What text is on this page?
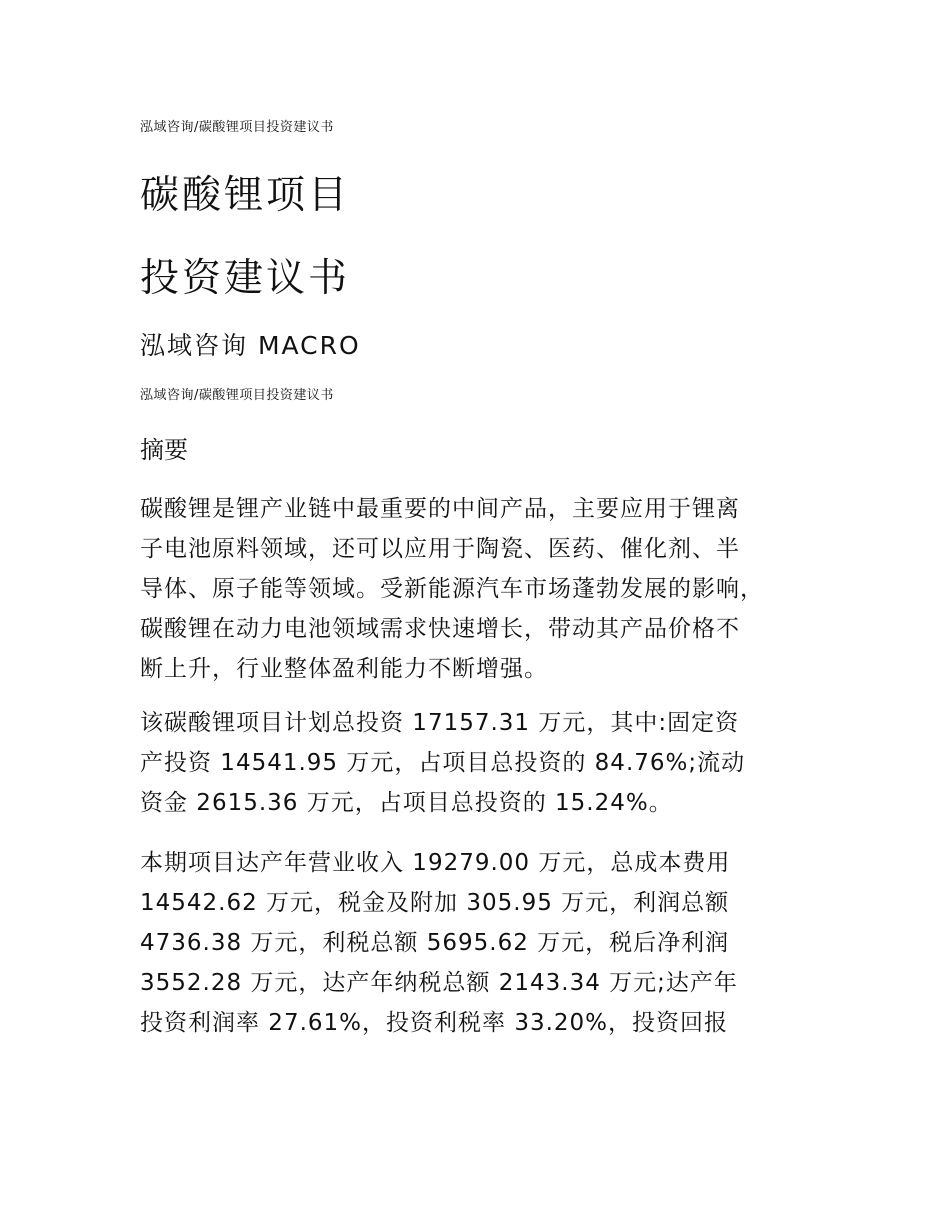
泓域咨询/碳酸锂项目投资建议书
碳酸锂项目
投资建议书
泓域咨询 MACRO
泓域咨询/碳酸锂项目投资建议书
摘要
碳酸锂是锂产业链中最重要的中间产品，主要应用于锂离
子电池原料领域，还可以应用于陶瓷、医药、催化剂、半
导体、原子能等领域。受新能源汽车市场蓬勃发展的影响，
碳酸锂在动力电池领域需求快速增长，带动其产品价格不
断上升，行业整体盈利能力不断增强。
该碳酸锂项目计划总投资 17157.31 万元，其中:固定资
产投资 14541.95 万元，占项目总投资的 84.76%;流动
资金 2615.36 万元，占项目总投资的 15.24%。
本期项目达产年营业收入 19279.00 万元，总成本费用
14542.62 万元，税金及附加 305.95 万元，利润总额
4736.38 万元，利税总额 5695.62 万元，税后净利润
3552.28 万元，达产年纳税总额 2143.34 万元;达产年
投资利润率 27.61%，投资利税率 33.20%，投资回报
